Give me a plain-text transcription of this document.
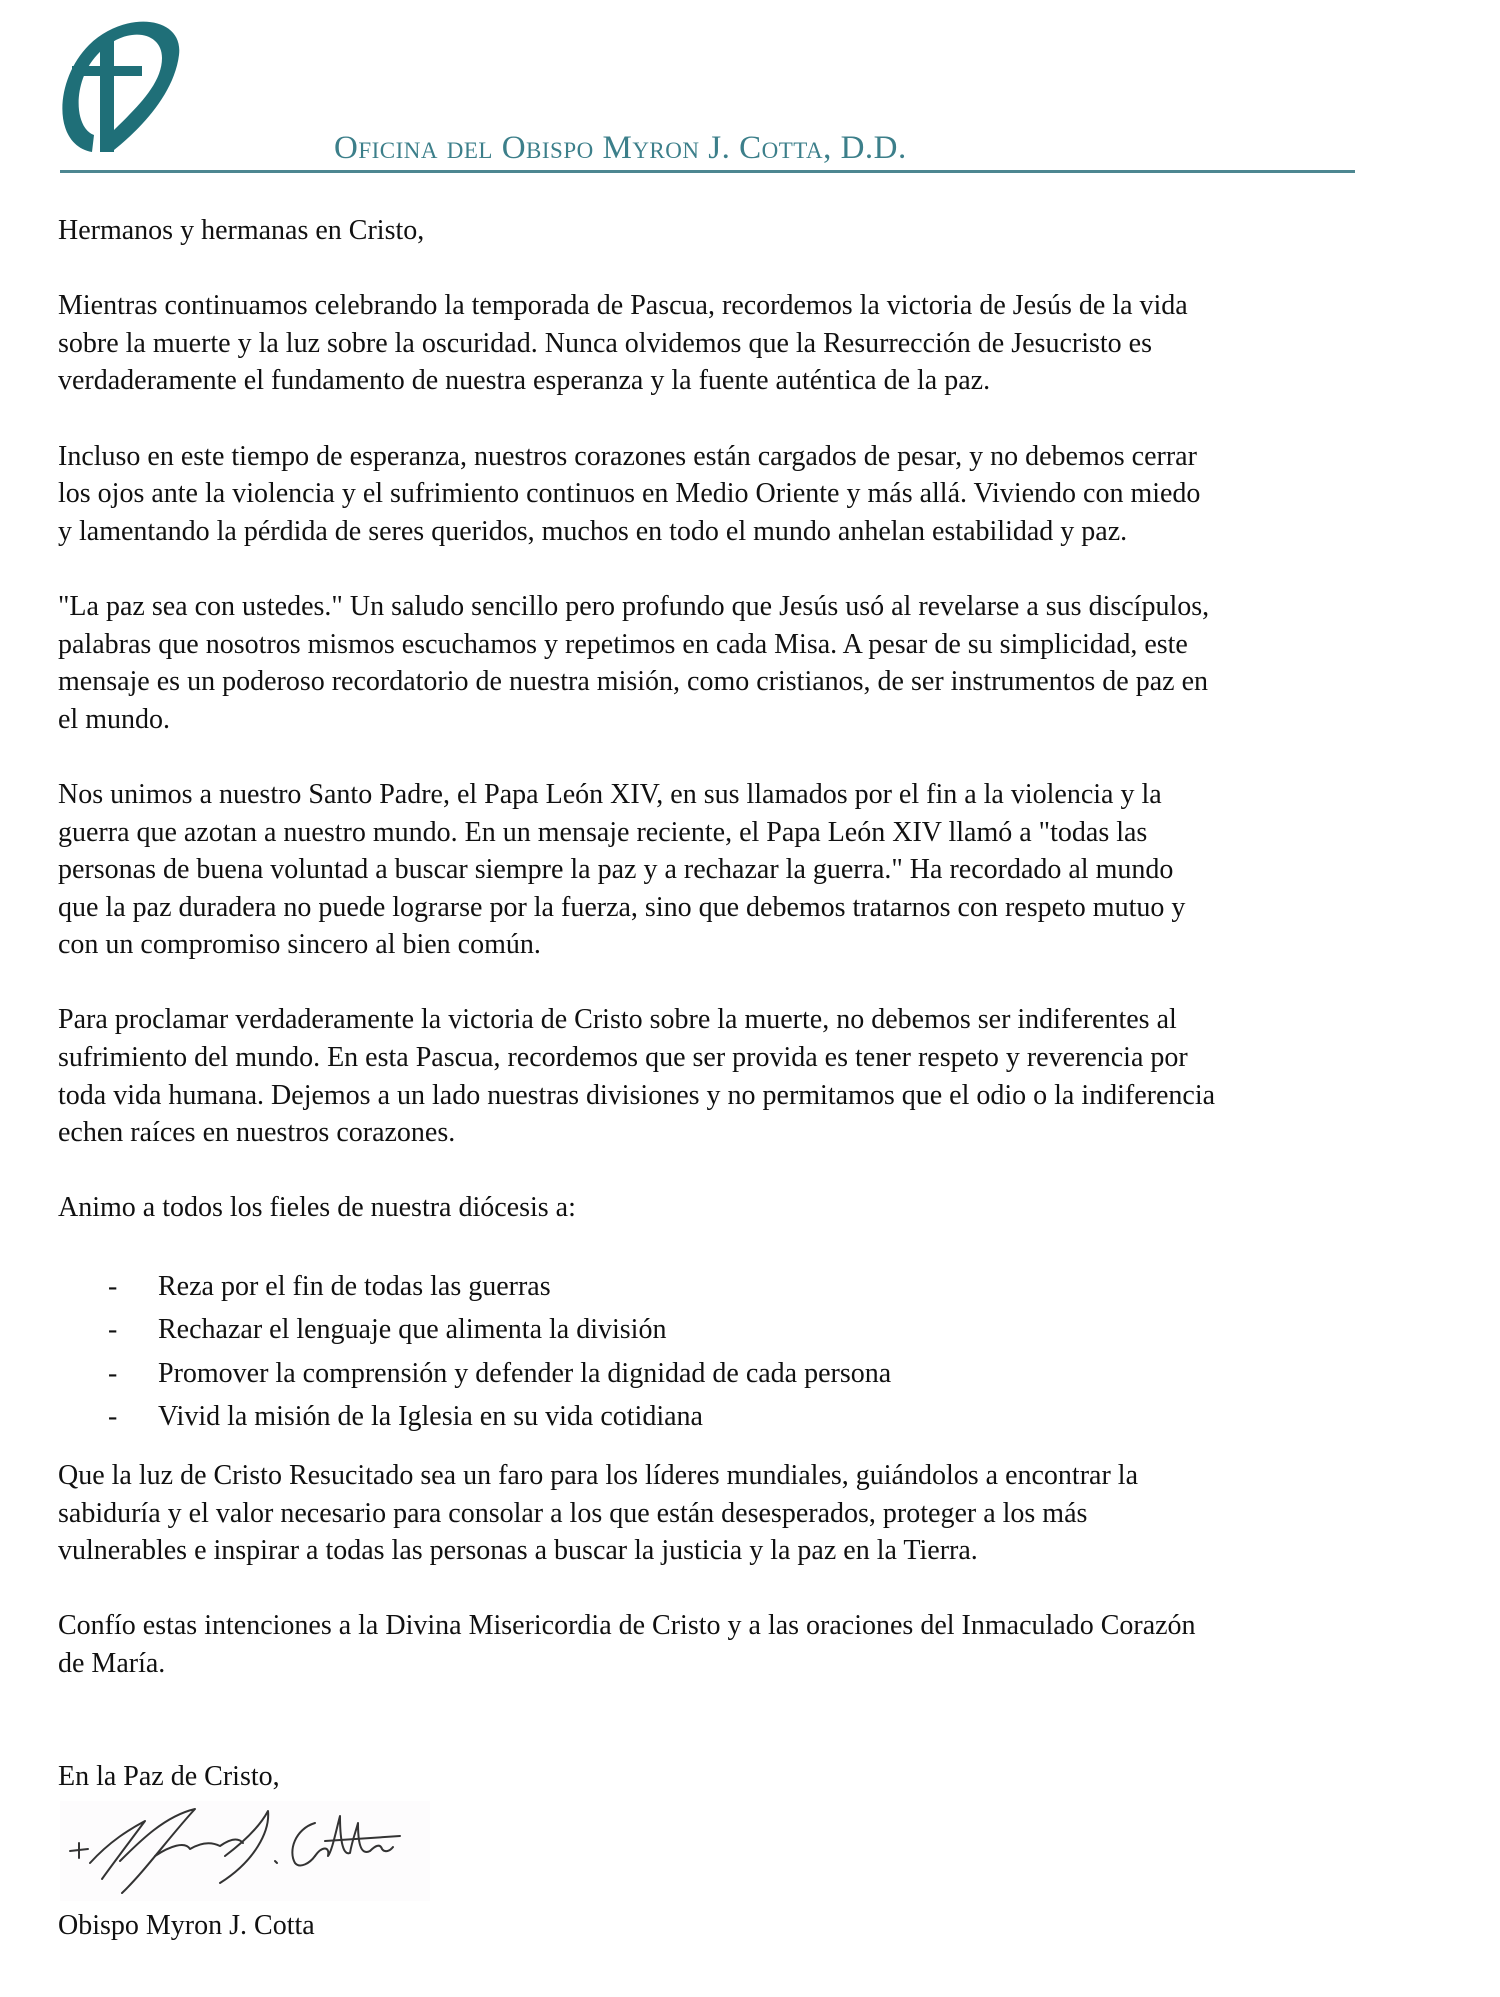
Oficina del Obispo Myron J. Cotta, D.D.
Hermanos y hermanas en Cristo,
Mientras continuamos celebrando la temporada de Pascua, recordemos la victoria de Jesús de la vida
sobre la muerte y la luz sobre la oscuridad. Nunca olvidemos que la Resurrección de Jesucristo es
verdaderamente el fundamento de nuestra esperanza y la fuente auténtica de la paz.
Incluso en este tiempo de esperanza, nuestros corazones están cargados de pesar, y no debemos cerrar
los ojos ante la violencia y el sufrimiento continuos en Medio Oriente y más allá. Viviendo con miedo
y lamentando la pérdida de seres queridos, muchos en todo el mundo anhelan estabilidad y paz.
"La paz sea con ustedes." Un saludo sencillo pero profundo que Jesús usó al revelarse a sus discípulos,
palabras que nosotros mismos escuchamos y repetimos en cada Misa. A pesar de su simplicidad, este
mensaje es un poderoso recordatorio de nuestra misión, como cristianos, de ser instrumentos de paz en
el mundo.
Nos unimos a nuestro Santo Padre, el Papa León XIV, en sus llamados por el fin a la violencia y la
guerra que azotan a nuestro mundo. En un mensaje reciente, el Papa León XIV llamó a "todas las
personas de buena voluntad a buscar siempre la paz y a rechazar la guerra." Ha recordado al mundo
que la paz duradera no puede lograrse por la fuerza, sino que debemos tratarnos con respeto mutuo y
con un compromiso sincero al bien común.
Para proclamar verdaderamente la victoria de Cristo sobre la muerte, no debemos ser indiferentes al
sufrimiento del mundo. En esta Pascua, recordemos que ser provida es tener respeto y reverencia por
toda vida humana. Dejemos a un lado nuestras divisiones y no permitamos que el odio o la indiferencia
echen raíces en nuestros corazones.
Animo a todos los fieles de nuestra diócesis a:
- Reza por el fin de todas las guerras
- Rechazar el lenguaje que alimenta la división
- Promover la comprensión y defender la dignidad de cada persona
- Vivid la misión de la Iglesia en su vida cotidiana
Que la luz de Cristo Resucitado sea un faro para los líderes mundiales, guiándolos a encontrar la
sabiduría y el valor necesario para consolar a los que están desesperados, proteger a los más
vulnerables e inspirar a todas las personas a buscar la justicia y la paz en la Tierra.
Confío estas intenciones a la Divina Misericordia de Cristo y a las oraciones del Inmaculado Corazón
de María.
En la Paz de Cristo,
Obispo Myron J. Cotta
